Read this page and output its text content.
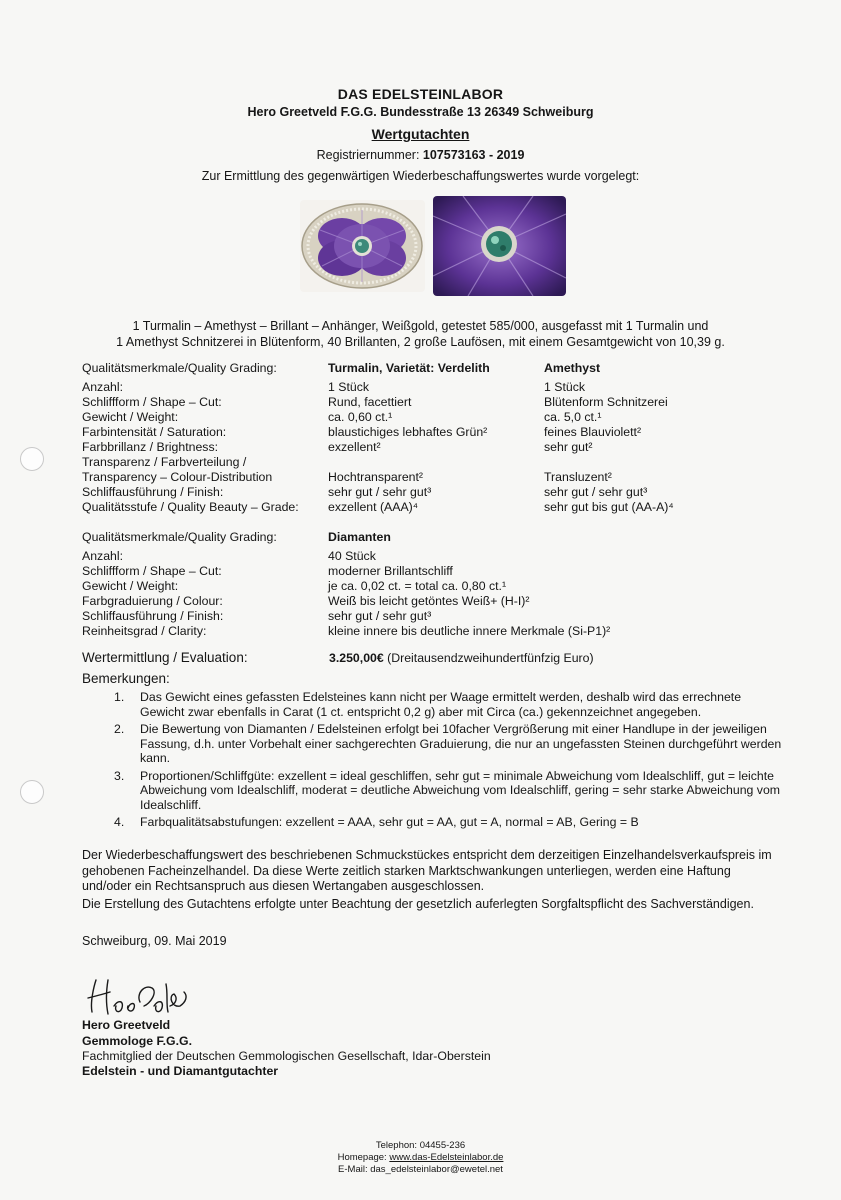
DAS EDELSTEINLABOR
Hero Greetveld F.G.G. Bundesstraße 13 26349 Schweiburg
Wertgutachten
Registriernummer: 107573163 - 2019
Zur Ermittlung des gegenwärtigen Wiederbeschaffungswertes wurde vorgelegt:
1 Turmalin – Amethyst – Brillant – Anhänger, Weißgold, getestet 585/000, ausgefasst mit 1 Turmalin und
1 Amethyst Schnitzerei in Blütenform, 40 Brillanten, 2 große Laufösen, mit einem Gesamtgewicht von 10,39 g.
Qualitätsmerkmale/Quality Grading:	Turmalin, Varietät: Verdelith	Amethyst
Anzahl:	1 Stück	1 Stück
Schliffform / Shape – Cut:	Rund, facettiert	Blütenform Schnitzerei
Gewicht / Weight:	ca. 0,60 ct.¹	ca. 5,0 ct.¹
Farbintensität / Saturation:	blaustichiges lebhaftes Grün²	feines Blauviolett²
Farbbrillanz / Brightness:	exzellent²	sehr gut²
Transparenz / Farbverteilung /
Transparency – Colour-Distribution	Hochtransparent²	Transluzent²
Schliffausführung / Finish:	sehr gut / sehr gut³	sehr gut / sehr gut³
Qualitätsstufe / Quality Beauty – Grade: exzellent (AAA)⁴	sehr gut bis gut (AA-A)⁴
Qualitätsmerkmale/Quality Grading:	Diamanten
Anzahl:	40 Stück
Schliffform / Shape – Cut:	moderner Brillantschliff
Gewicht / Weight:	je ca. 0,02 ct. = total ca. 0,80 ct.¹
Farbgraduierung / Colour:	Weiß bis leicht getöntes Weiß+ (H-I)²
Schliffausführung / Finish:	sehr gut / sehr gut³
Reinheitsgrad / Clarity:	kleine innere bis deutliche innere Merkmale (Si-P1)²
Wertermittlung / Evaluation:	3.250,00€ (Dreitausendzweihundertfünfzig Euro)
Bemerkungen:
1. Das Gewicht eines gefassten Edelsteines kann nicht per Waage ermittelt werden, deshalb wird das errechnete Gewicht zwar ebenfalls in Carat (1 ct. entspricht 0,2 g) aber mit Circa (ca.) gekennzeichnet angegeben.
2. Die Bewertung von Diamanten / Edelsteinen erfolgt bei 10facher Vergrößerung mit einer Handlupe in der jeweiligen Fassung, d.h. unter Vorbehalt einer sachgerechten Graduierung, die nur an ungefassten Steinen durchgeführt werden kann.
3. Proportionen/Schliffgüte: exzellent = ideal geschliffen, sehr gut = minimale Abweichung vom Idealschliff, gut = leichte Abweichung vom Idealschliff, moderat = deutliche Abweichung vom Idealschliff, gering = sehr starke Abweichung vom Idealschliff.
4. Farbqualitätsabstufungen: exzellent = AAA, sehr gut = AA, gut = A, normal = AB, Gering = B
Der Wiederbeschaffungswert des beschriebenen Schmuckstückes entspricht dem derzeitigen Einzelhandelsverkaufspreis im gehobenen Facheinzelhandel. Da diese Werte zeitlich starken Marktschwankungen unterliegen, werden eine Haftung und/oder ein Rechtsanspruch aus diesen Wertangaben ausgeschlossen.
Die Erstellung des Gutachtens erfolgte unter Beachtung der gesetzlich auferlegten Sorgfaltspflicht des Sachverständigen.
Schweiburg, 09. Mai 2019
Hero Greetveld
Gemmologe F.G.G.
Fachmitglied der Deutschen Gemmologischen Gesellschaft, Idar-Oberstein
Edelstein - und Diamantgutachter
Telephon: 04455-236
Homepage: www.das-Edelsteinlabor.de
E-Mail: das_edelsteinlabor@ewetel.net
